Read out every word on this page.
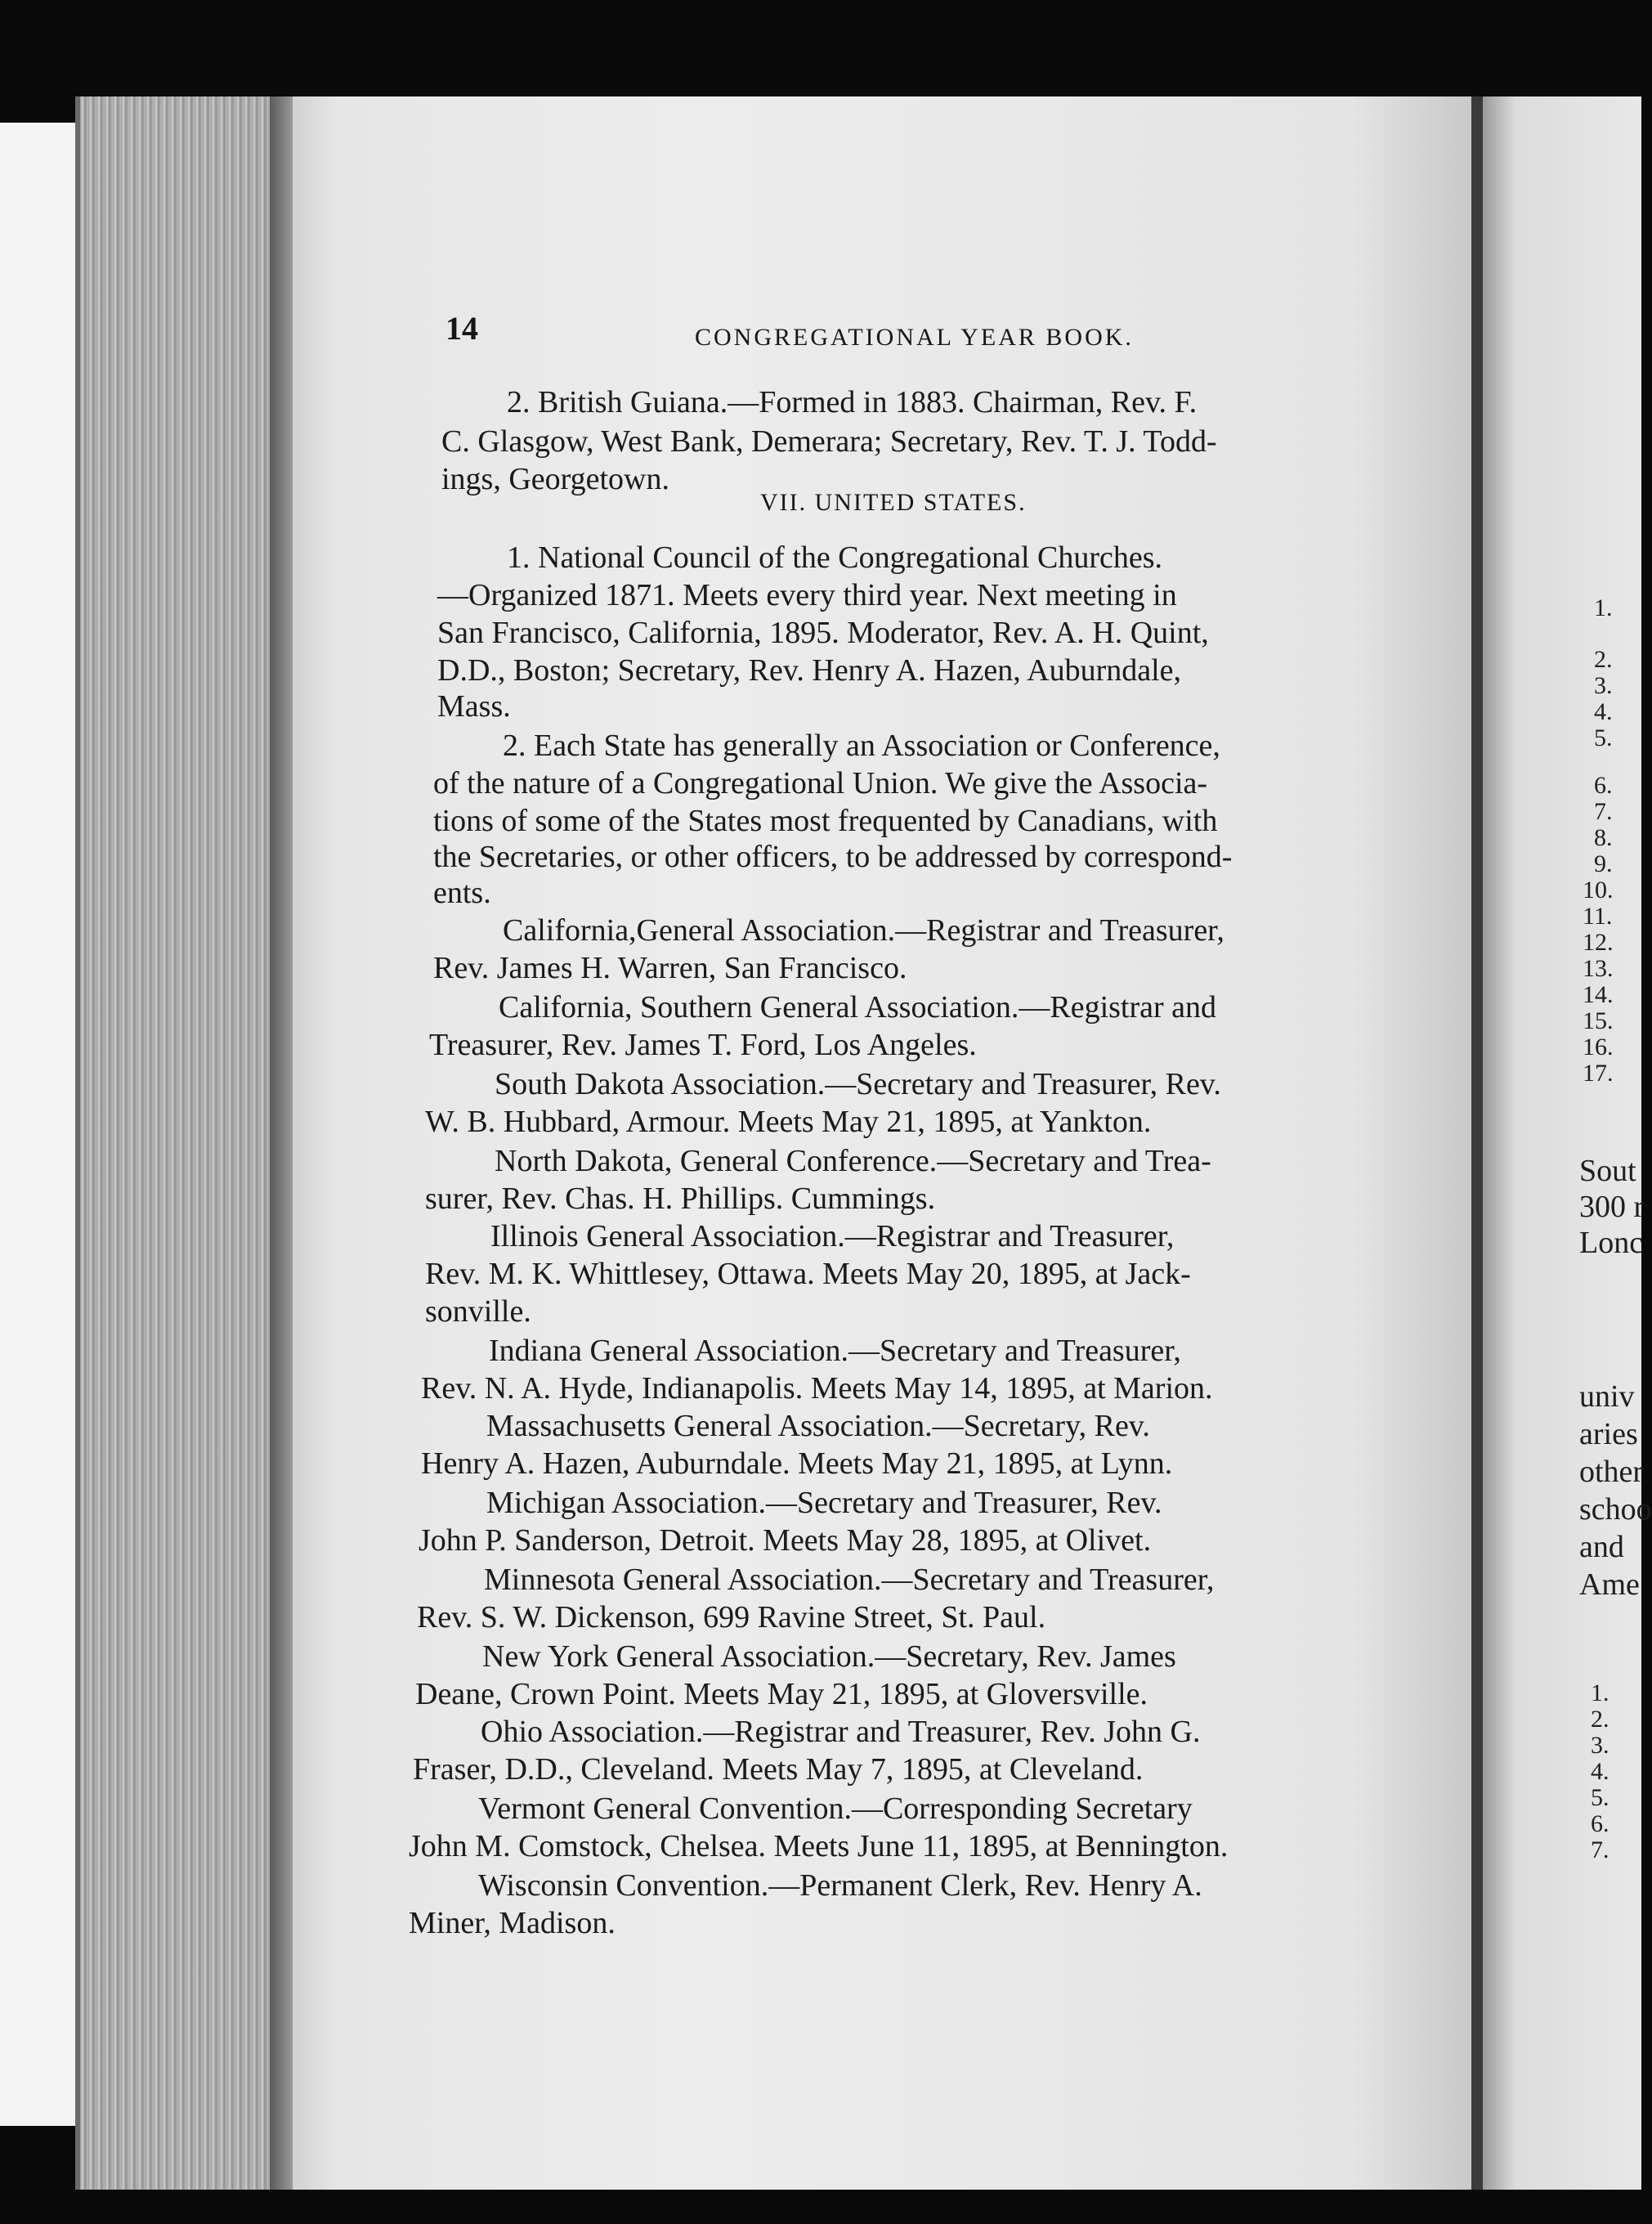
14	CONGREGATIONAL YEAR BOOK.
2. British Guiana.—Formed in 1883. Chairman, Rev. F.
C. Glasgow, West Bank, Demerara; Secretary, Rev. T. J. Todd-
ings, Georgetown.
VII. UNITED STATES.
1. National Council of the Congregational Churches.
—Organized 1871. Meets every third year. Next meeting in
San Francisco, California, 1895. Moderator, Rev. A. H. Quint,
D.D., Boston; Secretary, Rev. Henry A. Hazen, Auburndale,
Mass.
2. Each State has generally an Association or Conference,
of the nature of a Congregational Union. We give the Associa-
tions of some of the States most frequented by Canadians, with
the Secretaries, or other officers, to be addressed by correspond-
ents.
California,General Association.—Registrar and Treasurer,
Rev. James H. Warren, San Francisco.
California, Southern General Association.—Registrar and
Treasurer, Rev. James T. Ford, Los Angeles.
South Dakota Association.—Secretary and Treasurer, Rev.
W. B. Hubbard, Armour. Meets May 21, 1895, at Yankton.
North Dakota, General Conference.—Secretary and Trea-
surer, Rev. Chas. H. Phillips. Cummings.
Illinois General Association.—Registrar and Treasurer,
Rev. M. K. Whittlesey, Ottawa. Meets May 20, 1895, at Jack-
sonville.
Indiana General Association.—Secretary and Treasurer,
Rev. N. A. Hyde, Indianapolis. Meets May 14, 1895, at Marion.
Massachusetts General Association.—Secretary, Rev.
Henry A. Hazen, Auburndale. Meets May 21, 1895, at Lynn.
Michigan Association.—Secretary and Treasurer, Rev.
John P. Sanderson, Detroit. Meets May 28, 1895, at Olivet.
Minnesota General Association.—Secretary and Treasurer,
Rev. S. W. Dickenson, 699 Ravine Street, St. Paul.
New York General Association.—Secretary, Rev. James
Deane, Crown Point. Meets May 21, 1895, at Gloversville.
Ohio Association.—Registrar and Treasurer, Rev. John G.
Fraser, D.D., Cleveland. Meets May 7, 1895, at Cleveland.
Vermont General Convention.—Corresponding Secretary
John M. Comstock, Chelsea. Meets June 11, 1895, at Bennington.
Wisconsin Convention.—Permanent Clerk, Rev. Henry A.
Miner, Madison.
1.
2.
3.
4.
5.
6.
7.
8.
9.
10.
11.
12.
13.
14.
15.
16.
17.
Sout
300 r
Lonc
univ
aries
other
schoo
and
Ame
1.
2.
3.
4.
5.
6.
7.
